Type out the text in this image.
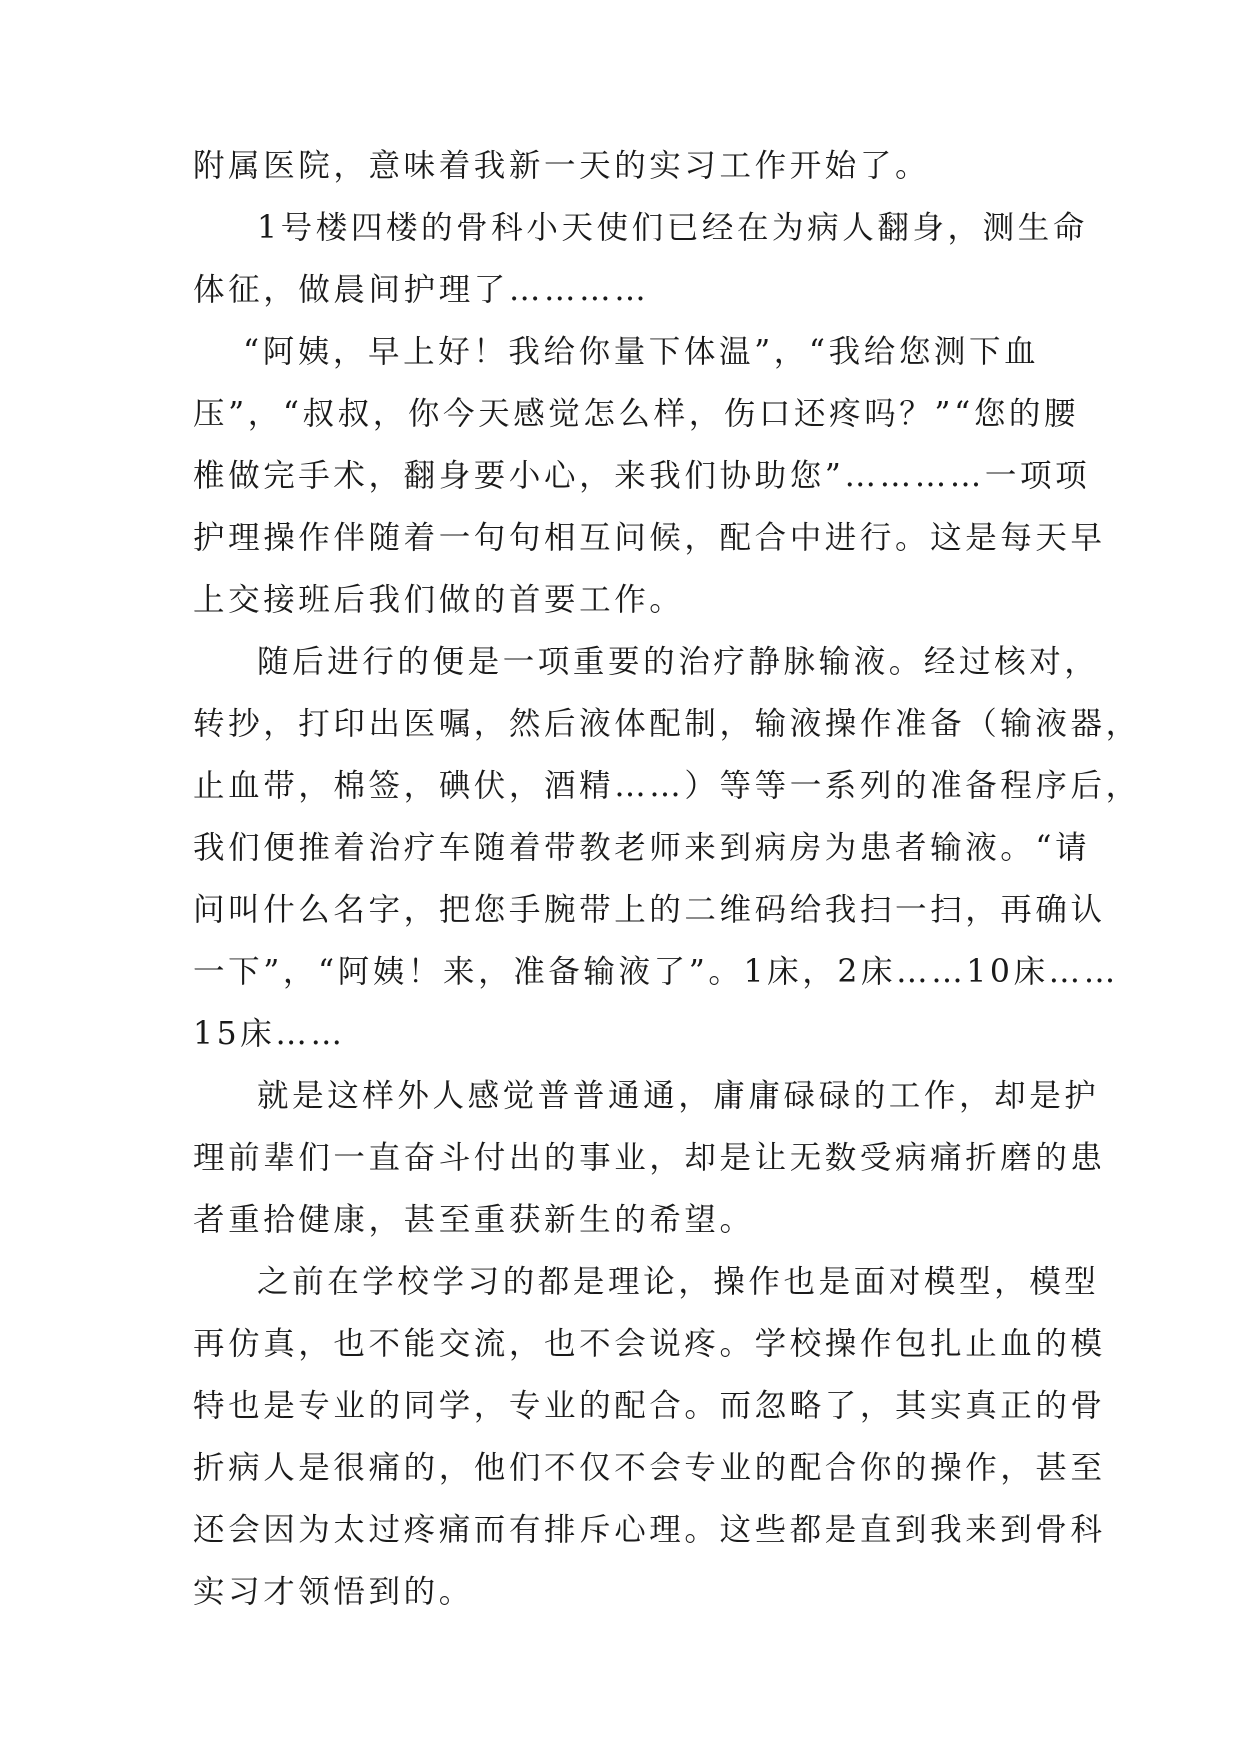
附属医院，意味着我新一天的实习工作开始了。

1号楼四楼的骨科小天使们已经在为病人翻身，测生命

体征，做晨间护理了…………

“阿姨，早上好！我给你量下体温”，“我给您测下血

压”，“叔叔，你今天感觉怎么样，伤口还疼吗？”“您的腰

椎做完手术，翻身要小心，来我们协助您”…………一项项

护理操作伴随着一句句相互问候，配合中进行。这是每天早

上交接班后我们做的首要工作。

随后进行的便是一项重要的治疗静脉输液。经过核对，

转抄，打印出医嘱，然后液体配制，输液操作准备（输液器，

止血带，棉签，碘伏，酒精……）等等一系列的准备程序后，

我们便推着治疗车随着带教老师来到病房为患者输液。“请

问叫什么名字，把您手腕带上的二维码给我扫一扫，再确认

一下”，“阿姨！来，准备输液了”。1床，2床……10床……

15床……

就是这样外人感觉普普通通，庸庸碌碌的工作，却是护

理前辈们一直奋斗付出的事业，却是让无数受病痛折磨的患

者重拾健康，甚至重获新生的希望。

之前在学校学习的都是理论，操作也是面对模型，模型

再仿真，也不能交流，也不会说疼。学校操作包扎止血的模

特也是专业的同学，专业的配合。而忽略了，其实真正的骨

折病人是很痛的，他们不仅不会专业的配合你的操作，甚至

还会因为太过疼痛而有排斥心理。这些都是直到我来到骨科

实习才领悟到的。
